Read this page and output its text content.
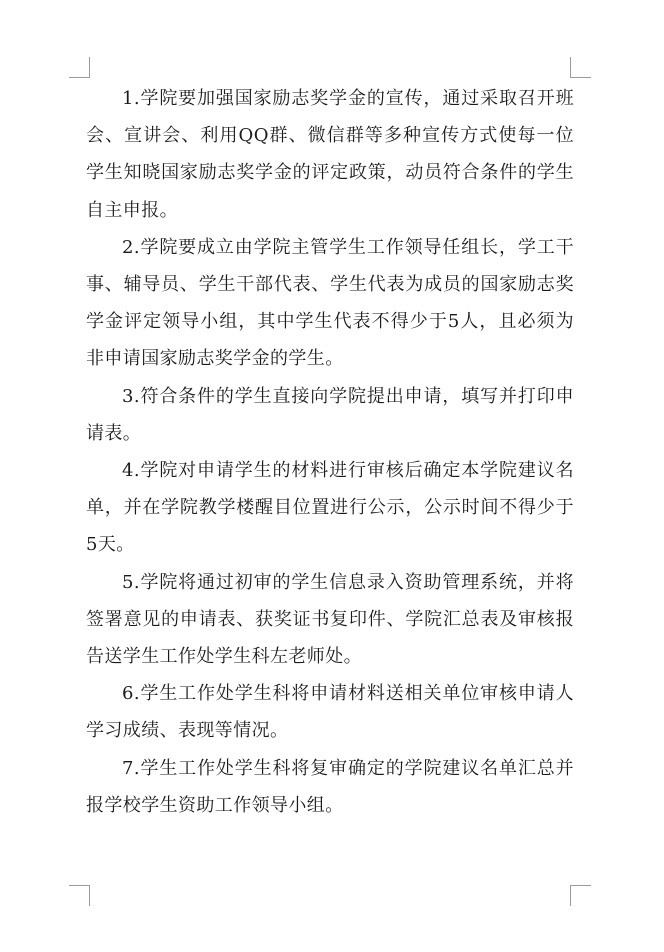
1.学院要加强国家励志奖学金的宣传，通过采取召开班会、宣讲会、利用QQ群、微信群等多种宣传方式使每一位学生知晓国家励志奖学金的评定政策，动员符合条件的学生自主申报。

2.学院要成立由学院主管学生工作领导任组长，学工干事、辅导员、学生干部代表、学生代表为成员的国家励志奖学金评定领导小组，其中学生代表不得少于5人，且必须为非申请国家励志奖学金的学生。

3.符合条件的学生直接向学院提出申请，填写并打印申请表。

4.学院对申请学生的材料进行审核后确定本学院建议名单，并在学院教学楼醒目位置进行公示，公示时间不得少于5天。

5.学院将通过初审的学生信息录入资助管理系统，并将签署意见的申请表、获奖证书复印件、学院汇总表及审核报告送学生工作处学生科左老师处。

6.学生工作处学生科将申请材料送相关单位审核申请人学习成绩、表现等情况。

7.学生工作处学生科将复审确定的学院建议名单汇总并报学校学生资助工作领导小组。
